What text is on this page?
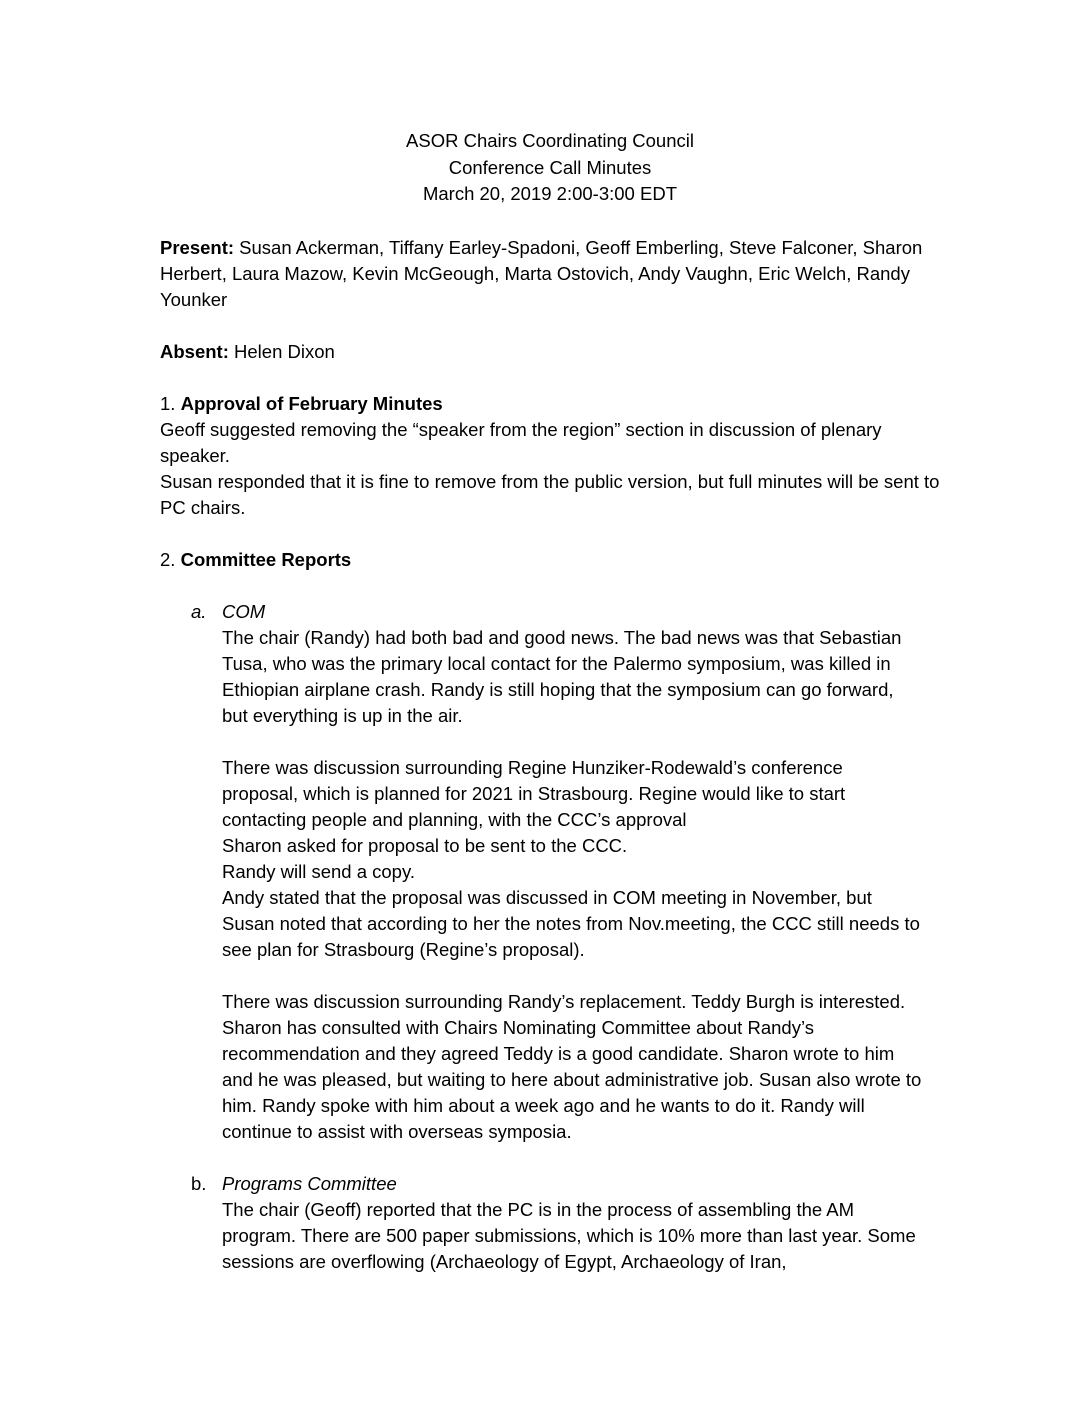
ASOR Chairs Coordinating Council
Conference Call Minutes
March 20, 2019 2:00-3:00 EDT

Present: Susan Ackerman, Tiffany Earley-Spadoni, Geoff Emberling, Steve Falconer, Sharon Herbert, Laura Mazow, Kevin McGeough, Marta Ostovich, Andy Vaughn, Eric Welch, Randy Younker

Absent: Helen Dixon

1. Approval of February Minutes

Geoff suggested removing the “speaker from the region” section in discussion of plenary speaker.

Susan responded that it is fine to remove from the public version, but full minutes will be sent to PC chairs.

2. Committee Reports

a. COM

The chair (Randy) had both bad and good news. The bad news was that Sebastian Tusa, who was the primary local contact for the Palermo symposium, was killed in Ethiopian airplane crash. Randy is still hoping that the symposium can go forward, but everything is up in the air.

There was discussion surrounding Regine Hunziker-Rodewald’s conference proposal, which is planned for 2021 in Strasbourg. Regine would like to start contacting people and planning, with the CCC’s approval

Sharon asked for proposal to be sent to the CCC.

Randy will send a copy.

Andy stated that the proposal was discussed in COM meeting in November, but Susan noted that according to her the notes from Nov.meeting, the CCC still needs to see plan for Strasbourg (Regine’s proposal).

There was discussion surrounding Randy’s replacement. Teddy Burgh is interested. Sharon has consulted with Chairs Nominating Committee about Randy’s recommendation and they agreed Teddy is a good candidate. Sharon wrote to him and he was pleased, but waiting to here about administrative job. Susan also wrote to him. Randy spoke with him about a week ago and he wants to do it. Randy will continue to assist with overseas symposia.

b. Programs Committee

The chair (Geoff) reported that the PC is in the process of assembling the AM program. There are 500 paper submissions, which is 10% more than last year. Some sessions are overflowing (Archaeology of Egypt, Archaeology of Iran,
